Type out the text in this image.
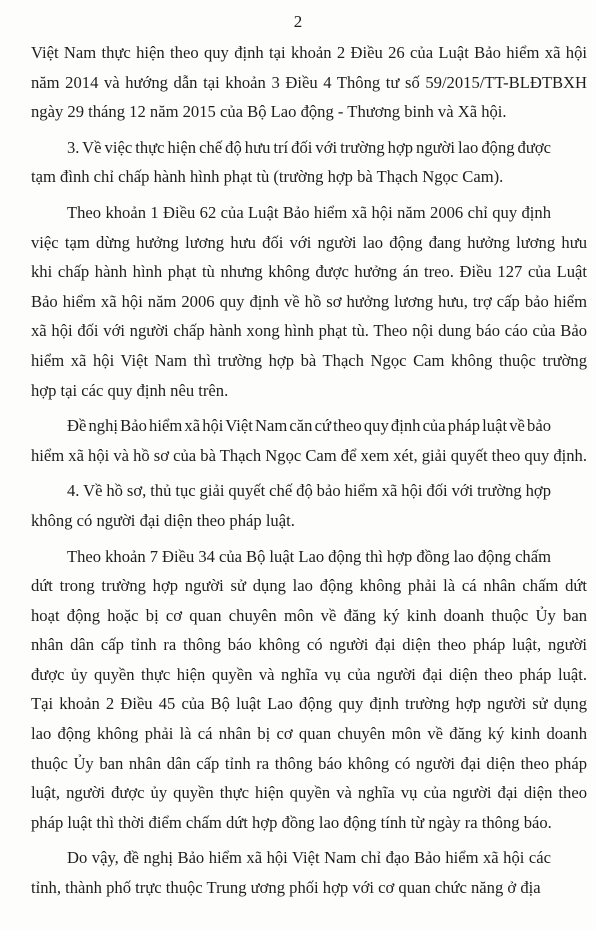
2

Việt Nam thực hiện theo quy định tại khoản 2 Điều 26 của Luật Bảo hiểm xã hội
năm 2014 và hướng dẫn tại khoản 3 Điều 4 Thông tư số 59/2015/TT-BLĐTBXH
ngày 29 tháng 12 năm 2015 của Bộ Lao động - Thương binh và Xã hội.

3. Về việc thực hiện chế độ hưu trí đối với trường hợp người lao động được
tạm đình chỉ chấp hành hình phạt tù (trường hợp bà Thạch Ngọc Cam).

Theo khoản 1 Điều 62 của Luật Bảo hiểm xã hội năm 2006 chỉ quy định
việc tạm dừng hưởng lương hưu đối với người lao động đang hưởng lương hưu
khi chấp hành hình phạt tù nhưng không được hưởng án treo. Điều 127 của Luật
Bảo hiểm xã hội năm 2006 quy định về hồ sơ hưởng lương hưu, trợ cấp bảo hiểm
xã hội đối với người chấp hành xong hình phạt tù. Theo nội dung báo cáo của Bảo
hiểm xã hội Việt Nam thì trường hợp bà Thạch Ngọc Cam không thuộc trường
hợp tại các quy định nêu trên.

Đề nghị Bảo hiểm xã hội Việt Nam căn cứ theo quy định của pháp luật về bảo
hiểm xã hội và hồ sơ của bà Thạch Ngọc Cam để xem xét, giải quyết theo quy định.

4. Về hồ sơ, thủ tục giải quyết chế độ bảo hiểm xã hội đối với trường hợp
không có người đại diện theo pháp luật.

Theo khoản 7 Điều 34 của Bộ luật Lao động thì hợp đồng lao động chấm
dứt trong trường hợp người sử dụng lao động không phải là cá nhân chấm dứt
hoạt động hoặc bị cơ quan chuyên môn về đăng ký kinh doanh thuộc Ủy ban
nhân dân cấp tỉnh ra thông báo không có người đại diện theo pháp luật, người
được ủy quyền thực hiện quyền và nghĩa vụ của người đại diện theo pháp luật.
Tại khoản 2 Điều 45 của Bộ luật Lao động quy định trường hợp người sử dụng
lao động không phải là cá nhân bị cơ quan chuyên môn về đăng ký kinh doanh
thuộc Ủy ban nhân dân cấp tỉnh ra thông báo không có người đại diện theo pháp
luật, người được ủy quyền thực hiện quyền và nghĩa vụ của người đại diện theo
pháp luật thì thời điểm chấm dứt hợp đồng lao động tính từ ngày ra thông báo.

Do vậy, đề nghị Bảo hiểm xã hội Việt Nam chỉ đạo Bảo hiểm xã hội các
tỉnh, thành phố trực thuộc Trung ương phối hợp với cơ quan chức năng ở địa
